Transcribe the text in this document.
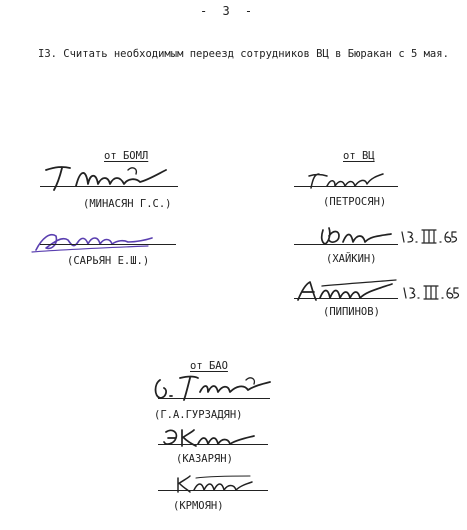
- 3 -
I3. Считать необходимым переезд сотрудников ВЦ в Бюракан с 5 мая.
от БОМЛ
(МИНАСЯН Г.С.)
(САРЬЯН Е.Ш.)
от ВЦ
(ПЕТРОСЯН)
(ХАЙКИН)
(ПИПИНОВ)
от БАО
(Г.А.ГУРЗАДЯН)
(КАЗАРЯН)
(КРМОЯН)
